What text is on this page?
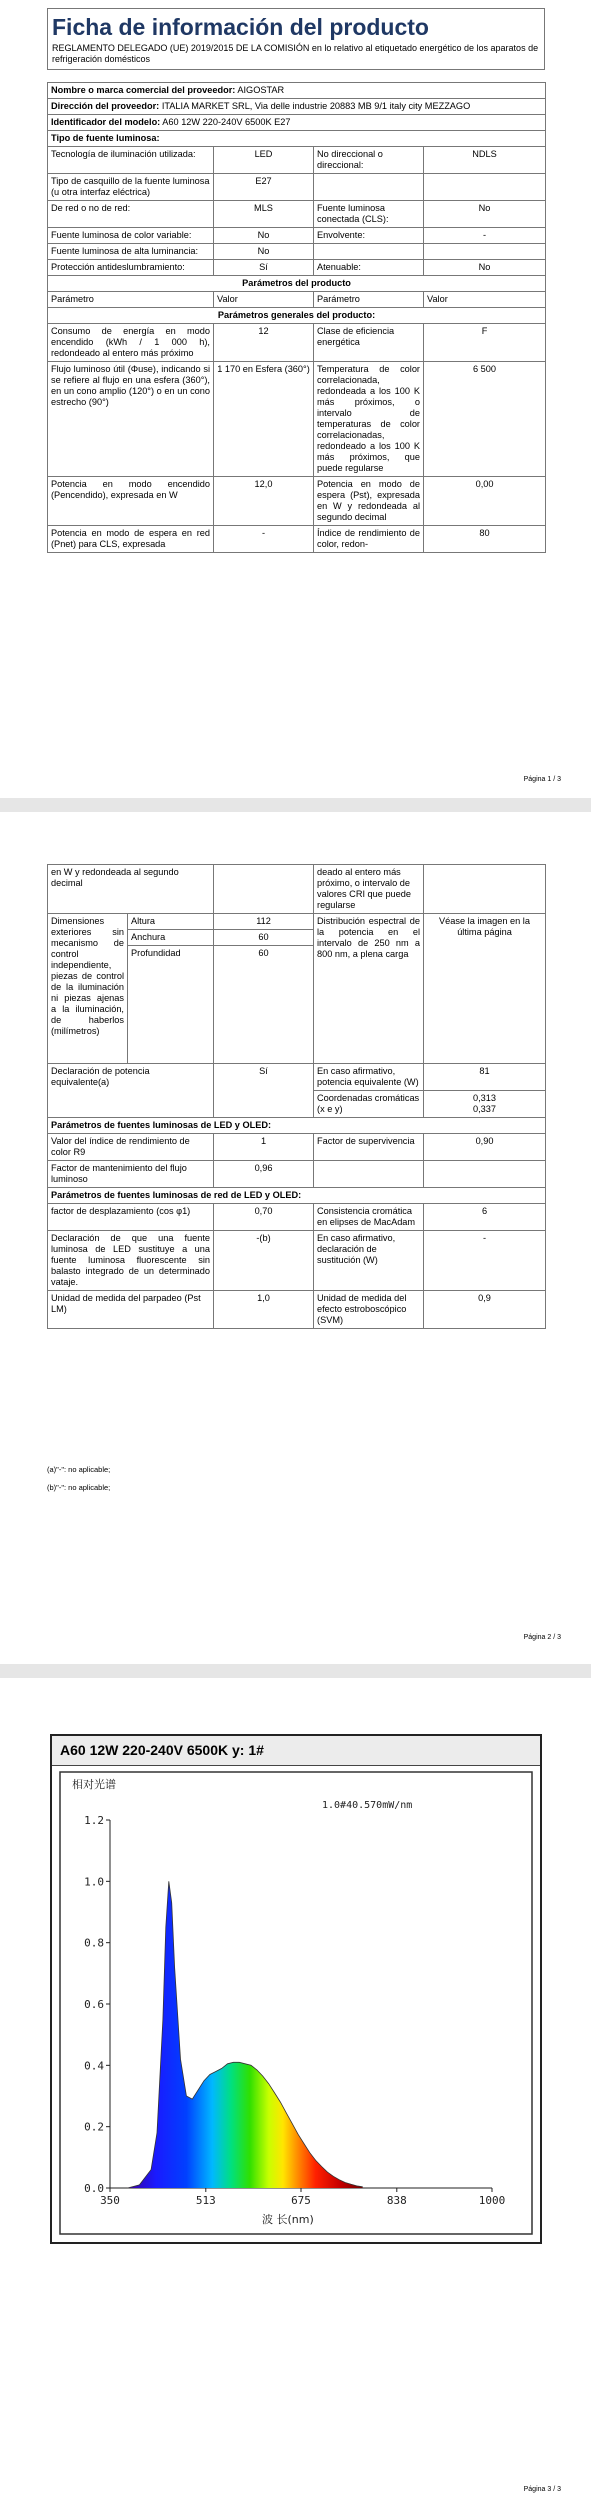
Ficha de información del producto
REGLAMENTO DELEGADO (UE) 2019/2015 DE LA COMISIÓN en lo relativo al etiquetado energético de los aparatos de refrigeración domésticos
Nombre o marca comercial del proveedor: AIGOSTAR			
Dirección del proveedor: ITALIA MARKET SRL, Via delle industrie 20883 MB 9/1 italy city MEZZAGO			
Identificador del modelo: A60 12W 220-240V 6500K E27			
Tipo de fuente luminosa:			
Tecnología de iluminación utilizada:	LED	No direccional o direccional:	NDLS
Tipo de casquillo de la fuente luminosa (u otra interfaz eléctrica)	E27		
De red o no de red:	MLS	Fuente luminosa conectada (CLS):	No
Fuente luminosa de color variable:	No	Envolvente:	-
Fuente luminosa de alta luminancia:	No		
Protección antideslumbramiento:	Sí	Atenuable:	No
Parámetros del producto			
Parámetro	Valor	Parámetro	Valor
Parámetros generales del producto:			
Consumo de energía en modo encendido (kWh / 1 000 h), redondeado al entero más próximo	12	Clase de eficiencia energética	F
Flujo luminoso útil (Φuse), indicando si se refiere al flujo en una esfera (360°), en un cono amplio (120°) o en un cono estrecho (90°)	1 170 en Esfera (360°)	Temperatura de color correlacionada, redondeada a los 100 K más próximos, o intervalo de temperaturas de color correlacionadas, redondeado a los 100 K más próximos, que puede regularse	6 500
Potencia en modo encendido (Pencendido), expresada en W	12,0	Potencia en modo de espera (Pst), expresada en W y redondeada al segundo decimal	0,00
Potencia en modo de espera en red (Pnet) para CLS, expresada	-	Índice de rendimiento de color, redon-	80
Página 1 / 3
en W y redondeada al segundo decimal			deado al entero más próximo, o intervalo de valores CRI que puede regularse	
Dimensiones exteriores sin mecanismo de control independiente, piezas de control de la iluminación ni piezas ajenas a la iluminación, de haberlos (milímetros)	Altura	112	Distribución espectral de la potencia en el intervalo de 250 nm a 800 nm, a plena carga	Véase la imagen en la última página
	Anchura	60		
	Profundidad	60		
Declaración de potencia equivalente(a)		Sí	En caso afirmativo, potencia equivalente (W)	81
			Coordenadas cromáticas (x e y)	0,313
0,337

Parámetros de fuentes luminosas de LED y OLED:				
Valor del índice de rendimiento de color R9		1	Factor de supervivencia	0,90
Factor de mantenimiento del flujo luminoso		0,96		
Parámetros de fuentes luminosas de red de LED y OLED:				
factor de desplazamiento (cos φ1)		0,70	Consistencia cromática en elipses de MacAdam	6
Declaración de que una fuente luminosa de LED sustituye a una fuente luminosa fluorescente sin balasto integrado de un determinado vataje.		-(b)	En caso afirmativo, declaración de sustitución (W)	-
Unidad de medida del parpadeo (Pst LM)		1,0	Unidad de medida del efecto estroboscópico (SVM)	0,9
(a)"-": no aplicable;
(b)"-": no aplicable;
Página 2 / 3
A60 12W 220-240V 6500K y: 1#
相对光谱
1.0#40.570mW/nm
波 长(nm)
0.0
0.2
0.4
0.6
0.8
1.0
1.2
350	513	675	838	1000
Página 3 / 3
